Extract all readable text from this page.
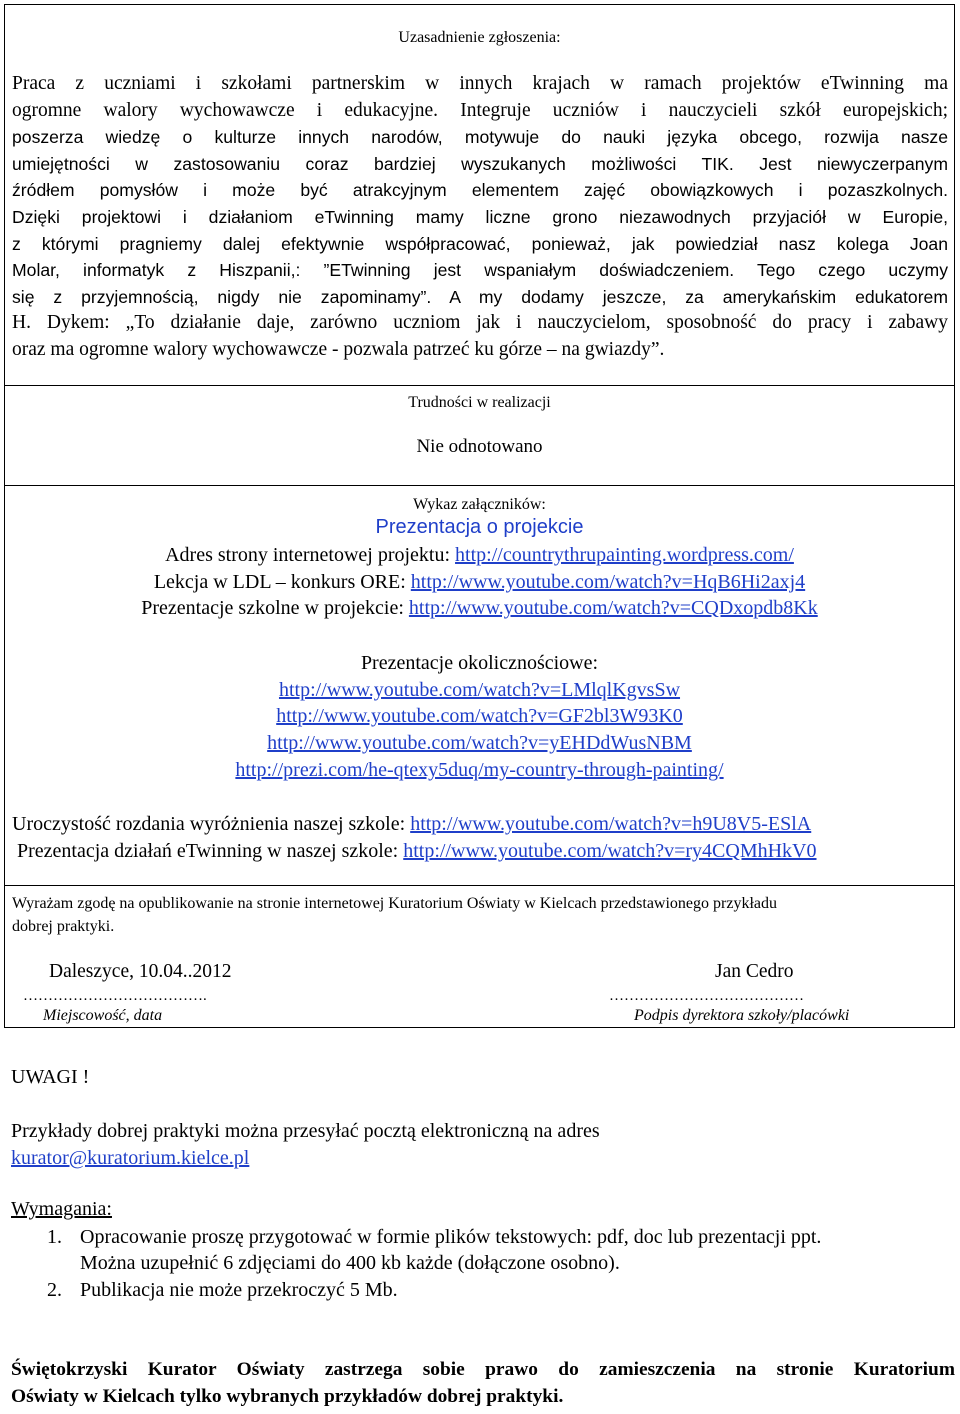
Uzasadnienie zgłoszenia:
Praca z uczniami i szkołami partnerskim w innych krajach w ramach projektów eTwinning ma
ogromne walory wychowawcze i edukacyjne. Integruje uczniów i nauczycieli szkół europejskich;
poszerza wiedzę o kulturze innych narodów, motywuje do nauki języka obcego, rozwija nasze
umiejętności w zastosowaniu coraz bardziej wyszukanych możliwości TIK. Jest niewyczerpanym
źródłem pomysłów i może być atrakcyjnym elementem zajęć obowiązkowych i pozaszkolnych.
Dzięki projektowi i działaniom eTwinning mamy liczne grono niezawodnych przyjaciół w Europie,
z którymi pragniemy dalej efektywnie współpracować, ponieważ, jak powiedział nasz kolega Joan
Molar, informatyk z Hiszpanii,: ”ETwinning jest wspaniałym doświadczeniem. Tego czego uczymy
się z przyjemnością, nigdy nie zapominamy”. A my dodamy jeszcze, za amerykańskim edukatorem
H. Dykem: „To działanie daje, zarówno uczniom jak i nauczycielom, sposobność do pracy i zabawy
oraz ma ogromne walory wychowawcze - pozwala patrzeć ku górze – na gwiazdy”.
Trudności w realizacji
Nie odnotowano
Wykaz załączników:
Prezentacja o projekcie
Adres strony internetowej projektu: http://countrythrupainting.wordpress.com/
Lekcja w LDL – konkurs ORE: http://www.youtube.com/watch?v=HqB6Hi2axj4
Prezentacje szkolne w projekcie: http://www.youtube.com/watch?v=CQDxopdb8Kk
Prezentacje okolicznościowe:
http://www.youtube.com/watch?v=LMlqlKgvsSw
http://www.youtube.com/watch?v=GF2bl3W93K0
http://www.youtube.com/watch?v=yEHDdWusNBM
http://prezi.com/he-qtexy5duq/my-country-through-painting/
Uroczystość rozdania wyróżnienia naszej szkole: http://www.youtube.com/watch?v=h9U8V5-ESlA
Prezentacja działań eTwinning w naszej szkole: http://www.youtube.com/watch?v=ry4CQMhHkV0
Wyrażam zgodę na opublikowanie na stronie internetowej Kuratorium Oświaty w Kielcach przedstawionego przykładu
dobrej praktyki.
Daleszyce, 10.04..2012	Jan Cedro
……………………………….	…………………………………
Miejscowość, data	Podpis dyrektora szkoły/placówki
UWAGI !
Przykłady dobrej praktyki można przesyłać pocztą elektroniczną na adres
kurator@kuratorium.kielce.pl
Wymagania:
1. Opracowanie proszę przygotować w formie plików tekstowych: pdf, doc lub prezentacji ppt.
Można uzupełnić 6 zdjęciami do 400 kb każde (dołączone osobno).
2. Publikacja nie może przekroczyć 5 Mb.
Świętokrzyski Kurator Oświaty zastrzega sobie prawo do zamieszczenia na stronie Kuratorium
Oświaty w Kielcach tylko wybranych przykładów dobrej praktyki.
